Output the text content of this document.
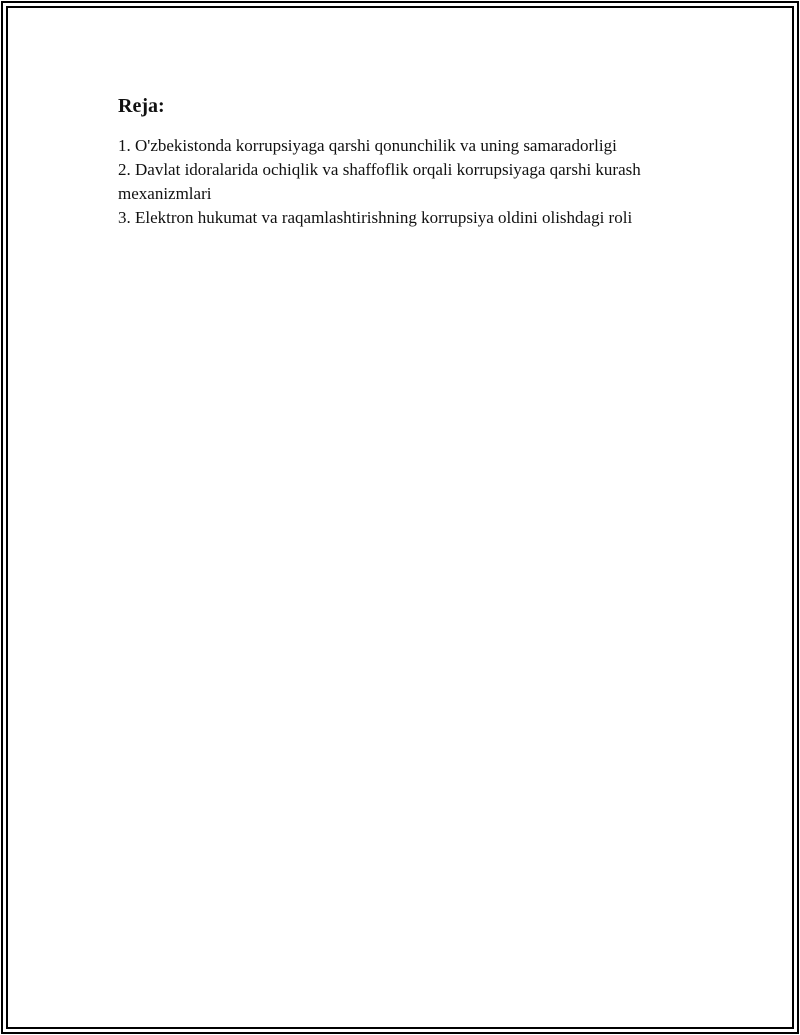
Reja:
1. O'zbekistonda korrupsiyaga qarshi qonunchilik va uning samaradorligi
2. Davlat idoralarida ochiqlik va shaffoflik orqali korrupsiyaga qarshi kurash mexanizmlari
3. Elektron hukumat va raqamlashtirishning korrupsiya oldini olishdagi roli
